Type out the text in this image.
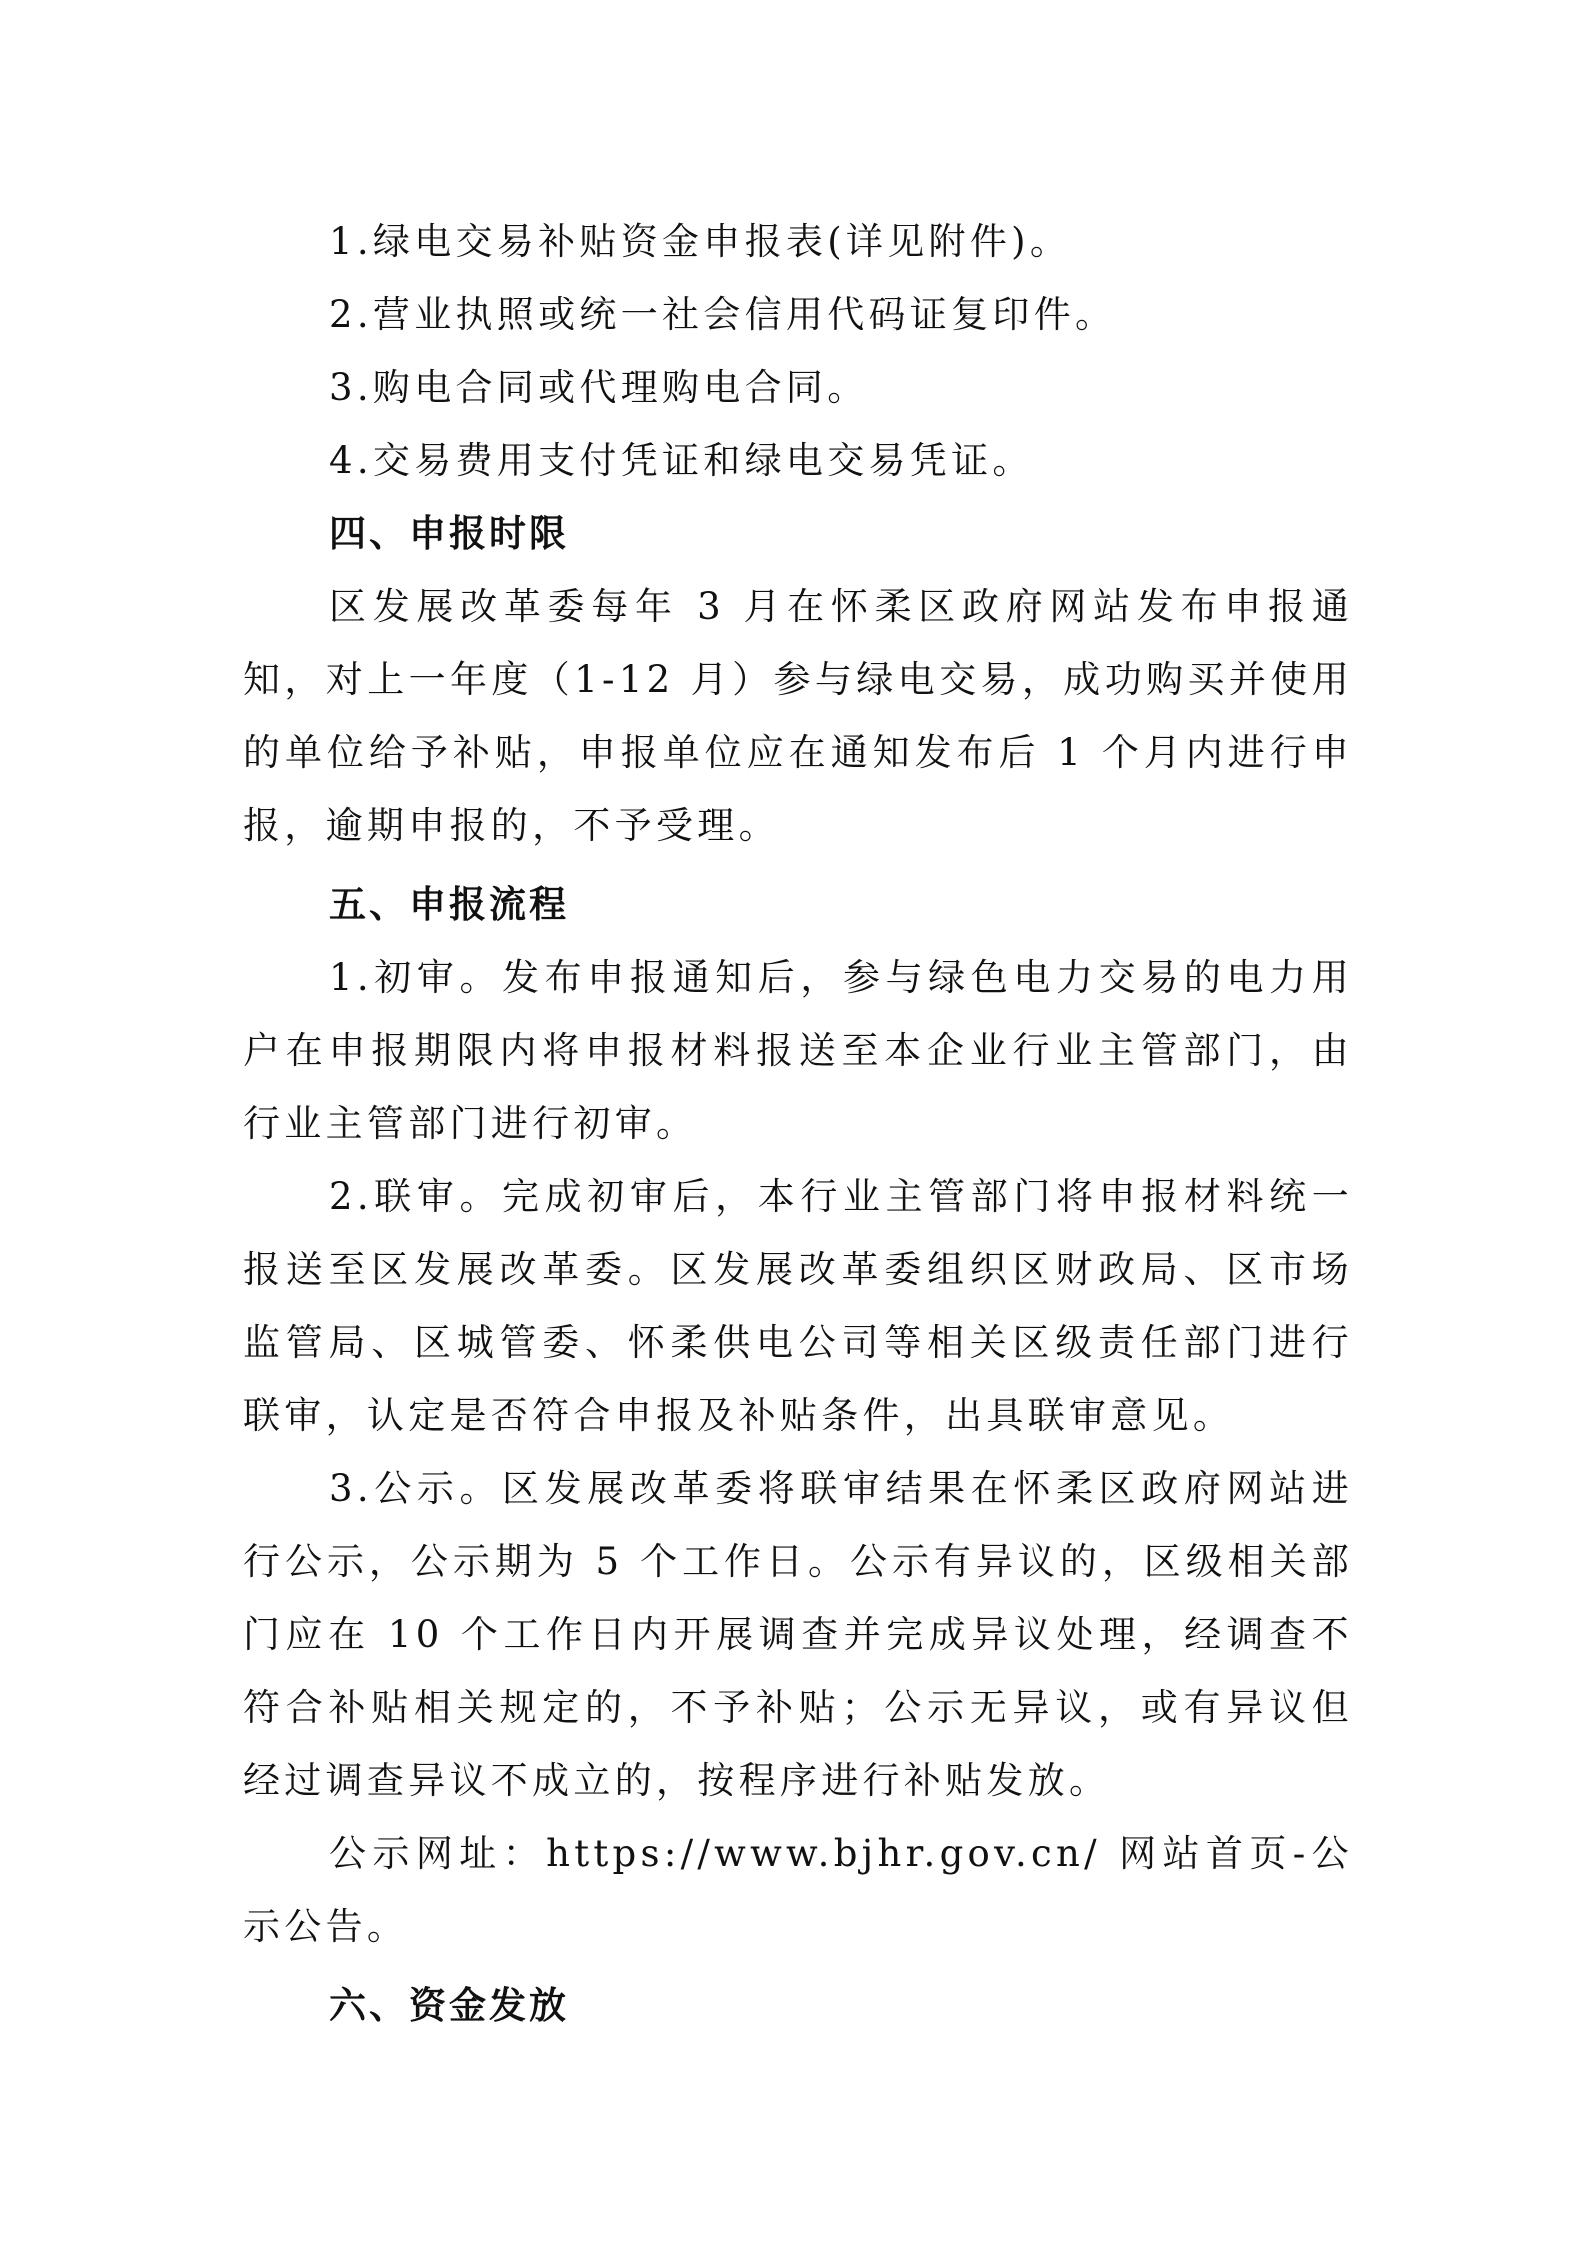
1.绿电交易补贴资金申报表(详见附件)。

2.营业执照或统一社会信用代码证复印件。

3.购电合同或代理购电合同。

4.交易费用支付凭证和绿电交易凭证。

四、申报时限

区发展改革委每年 3 月在怀柔区政府网站发布申报通知，对上一年度（1-12 月）参与绿电交易，成功购买并使用的单位给予补贴，申报单位应在通知发布后 1 个月内进行申报，逾期申报的，不予受理。

五、申报流程

1.初审。发布申报通知后，参与绿色电力交易的电力用户在申报期限内将申报材料报送至本企业行业主管部门，由行业主管部门进行初审。

2.联审。完成初审后，本行业主管部门将申报材料统一报送至区发展改革委。区发展改革委组织区财政局、区市场监管局、区城管委、怀柔供电公司等相关区级责任部门进行联审，认定是否符合申报及补贴条件，出具联审意见。

3.公示。区发展改革委将联审结果在怀柔区政府网站进行公示，公示期为 5 个工作日。公示有异议的，区级相关部门应在 10 个工作日内开展调查并完成异议处理，经调查不符合补贴相关规定的，不予补贴；公示无异议，或有异议但经过调查异议不成立的，按程序进行补贴发放。

公示网址：https://www.bjhr.gov.cn/ 网站首页-公示公告。

六、资金发放
